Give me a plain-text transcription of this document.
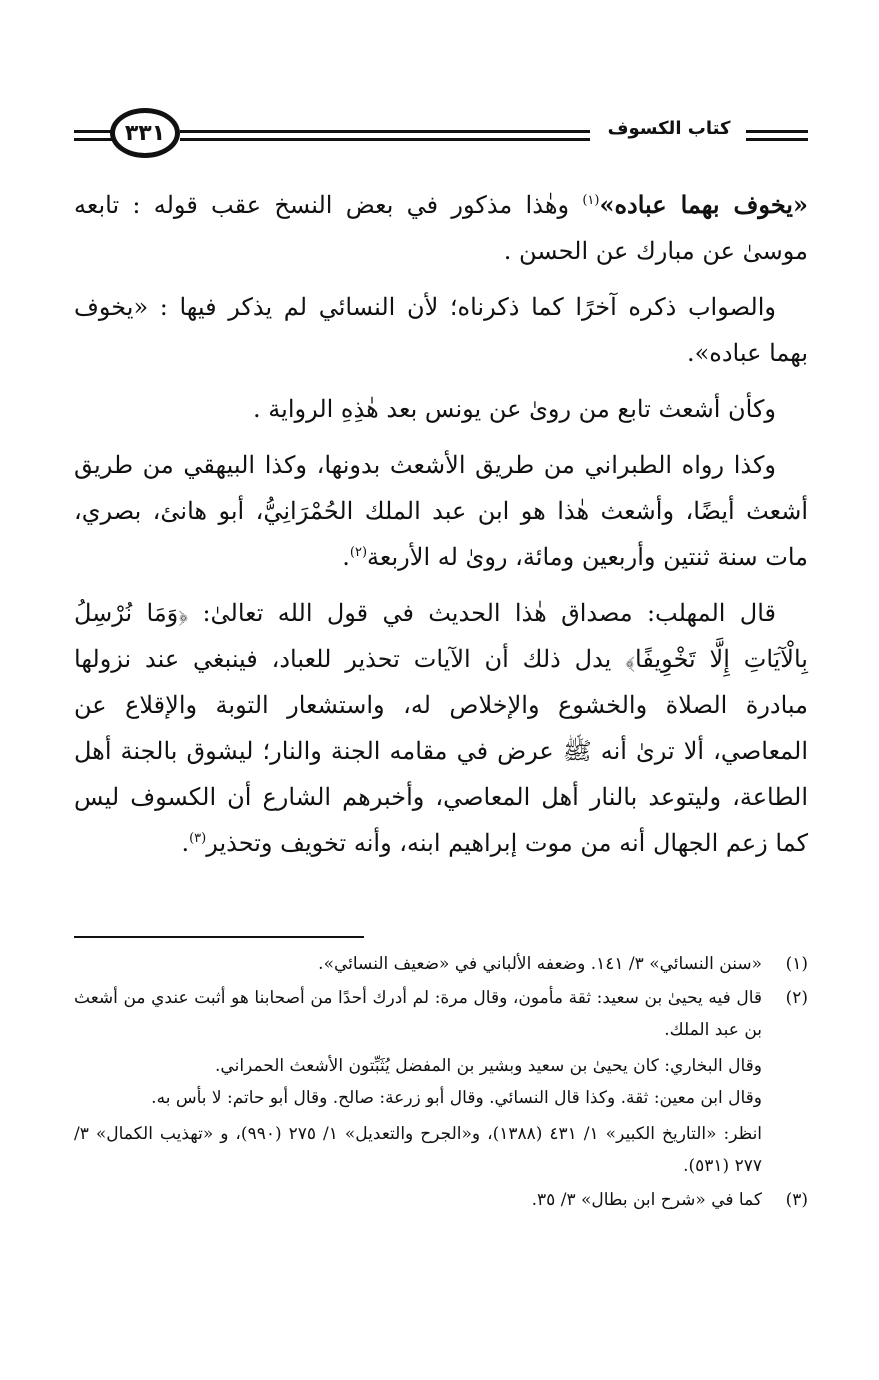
٣٣١	كتاب الكسوف

«يخوف بهما عباده»$^{(١)}$ وهٰذا مذكور في بعض النسخ عقب قوله : تابعه موسىٰ عن مبارك عن الحسن .

والصواب ذكره آخرًا كما ذكرناه؛ لأن النسائي لم يذكر فيها : «يخوف بهما عباده».

وكأن أشعث تابع من روىٰ عن يونس بعد هٰذِهِ الرواية .

وكذا رواه الطبراني من طريق الأشعث بدونها، وكذا البيهقي من طريق أشعث أيضًا، وأشعث هٰذا هو ابن عبد الملك الحُمْرَانِيُّ، أبو هانئ، بصري، مات سنة ثنتين وأربعين ومائة، روىٰ له الأربعة$^{(٢)}$.

قال المهلب: مصداق هٰذا الحديث في قول الله تعالىٰ: ﴿وَمَا نُرْسِلُ بِالْآيَاتِ إِلَّا تَخْوِيفًا﴾ يدل ذلك أن الآيات تحذير للعباد، فينبغي عند نزولها مبادرة الصلاة والخشوع والإخلاص له، واستشعار التوبة والإقلاع عن المعاصي، ألا ترىٰ أنه ﷺ عرض في مقامه الجنة والنار؛ ليشوق بالجنة أهل الطاعة، وليتوعد بالنار أهل المعاصي، وأخبرهم الشارع أن الكسوف ليس كما زعم الجهال أنه من موت إبراهيم ابنه، وأنه تخويف وتحذير$^{(٣)}$.

(١)
«سنن النسائي» ٣/ ١٤١. وضعفه الألباني في «ضعيف النسائي».
(٢)
قال فيه يحيىٰ بن سعيد: ثقة مأمون، وقال مرة: لم أدرك أحدًا من أصحابنا هو أثبت عندي من أشعث بن عبد الملك.
وقال البخاري: كان يحيىٰ بن سعيد وبشير بن المفضل يُثَبِّتون الأشعث الحمراني.
وقال ابن معين: ثقة. وكذا قال النسائي. وقال أبو زرعة: صالح. وقال أبو حاتم: لا بأس به.
انظر: «التاريخ الكبير» ١/ ٤٣١ (١٣٨٨)، و«الجرح والتعديل» ١/ ٢٧٥ (٩٩٠)، و «تهذيب الكمال» ٣/ ٢٧٧ (٥٣١).
(٣)
كما في «شرح ابن بطال» ٣/ ٣٥.
